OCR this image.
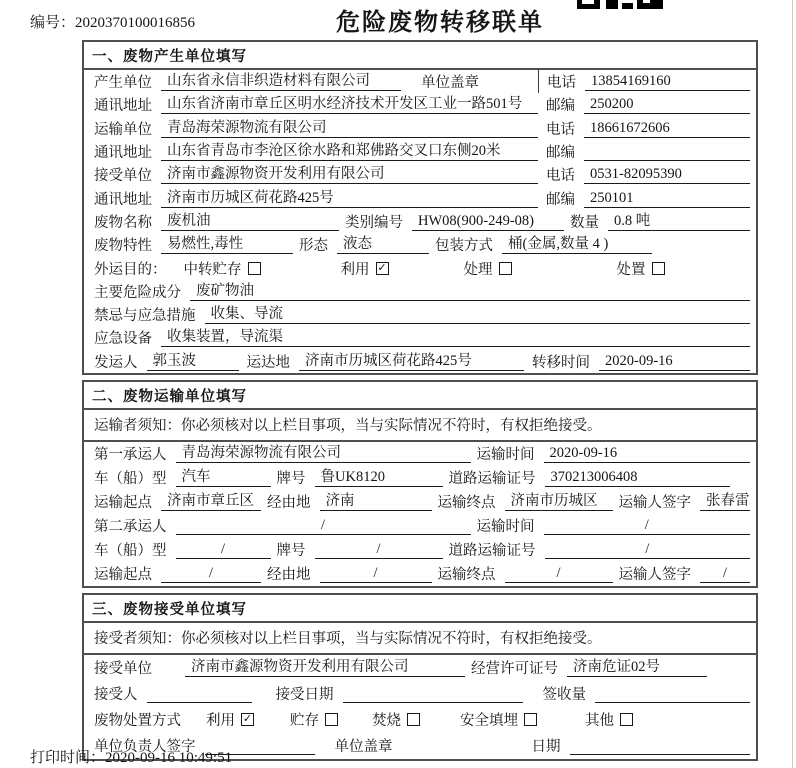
编号：2020370100016856	危险废物转移联单
一、废物产生单位填写
产生单位	山东省永信非织造材料有限公司	单位盖章	电话	13854169160
通讯地址	山东省济南市章丘区明水经济技术开发区工业一路501号	邮编	250200
运输单位	青岛海荣源物流有限公司	电话	18661672606
通讯地址	山东省青岛市李沧区徐水路和郑佛路交叉口东侧20米	邮编
接受单位	济南市鑫源物资开发利用有限公司	电话	0531-82095390
通讯地址	济南市历城区荷花路425号	邮编	250101
废物名称	废机油	类别编号	HW08(900-249-08)	数量	0.8 吨
废物特性	易燃性,毒性	形态	液态	包装方式	桶(金属,数量 4 )
外运目的：	中转贮存	利用 ✓	处理	处置
主要危险成分	废矿物油
禁忌与应急措施	收集、导流
应急设备	收集装置，导流渠
发运人	郭玉波	运达地	济南市历城区荷花路425号	转移时间	2020-09-16
二、废物运输单位填写
运输者须知：你必须核对以上栏目事项，当与实际情况不符时，有权拒绝接受。
第一承运人	青岛海荣源物流有限公司	运输时间	2020-09-16
车（船）型	汽车	牌号	鲁UK8120	道路运输证号	370213006408
运输起点	济南市章丘区 经由地	济南	运输终点	济南市历城区	运输人签字	张春雷
第二承运人	/	运输时间	/
车（船）型	/	牌号	/	道路运输证号	/
运输起点	/	经由地	/	运输终点	/	运输人签字	/
三、废物接受单位填写
接受者须知：你必须核对以上栏目事项，当与实际情况不符时，有权拒绝接受。
接受单位	济南市鑫源物资开发利用有限公司	经营许可证号	济南危证02号
接受人	接受日期	签收量
废物处置方式	利用 ✓	贮存	焚烧	安全填埋	其他
单位负责人签字	单位盖章	日期
打印时间：2020-09-16 10:49:51
